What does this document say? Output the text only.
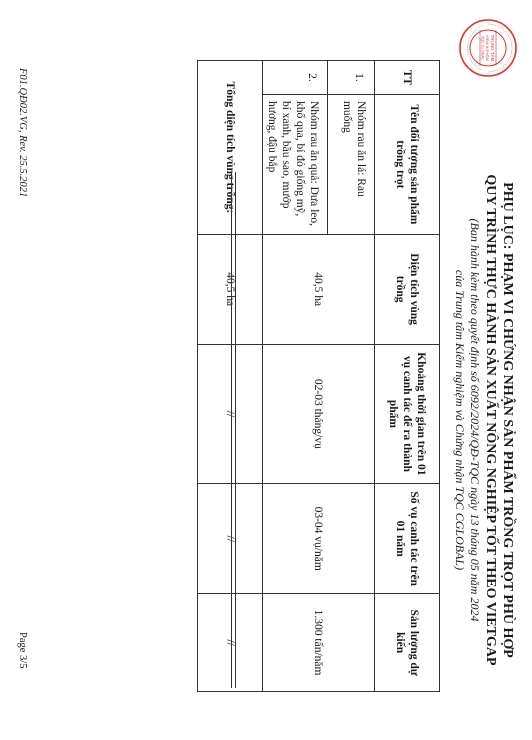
TRUNG TÂM
KIỂM NGHIỆM
TQC GLOBAL
PHỤ LỤC: PHẠM VI CHỨNG NHẬN SẢN PHẨM TRỒNG TRỌT PHÙ HỢP
QUY TRÌNH THỰC HÀNH SẢN XUẤT NÔNG NGHIỆP TỐT THEO VIETGAP
(Ban hành kèm theo quyết định số 6092/2024/QĐ-TQC ngày 13 tháng 05 năm 2024
của Trung tâm Kiểm nghiệm và Chứng nhận TQC CGLOBAL)
TT	Tên đối tượng sản phẩm trồng trọt	Diện tích vùng trồng	Khoảng thời gian trên 01 vụ canh tác để ra thành phẩm	Số vụ canh tác trên 01 năm	Sản lượng dự kiến
1.	Nhóm rau ăn lá: Rau muống	40,5 ha	02-03 tháng/vụ	03-04 vụ/năm	1.300 tấn/năm
2.	Nhóm rau ăn quả: Dưa leo, khổ qua, bí đỏ giống mỹ, bí xanh, bầu sao, mướp hương, đậu bắp				
Tổng diện tích vùng trồng:		40,5 ha	//	//	//
F01.QĐ02.VG, Rev. 25.5.2021
Page 3/5
